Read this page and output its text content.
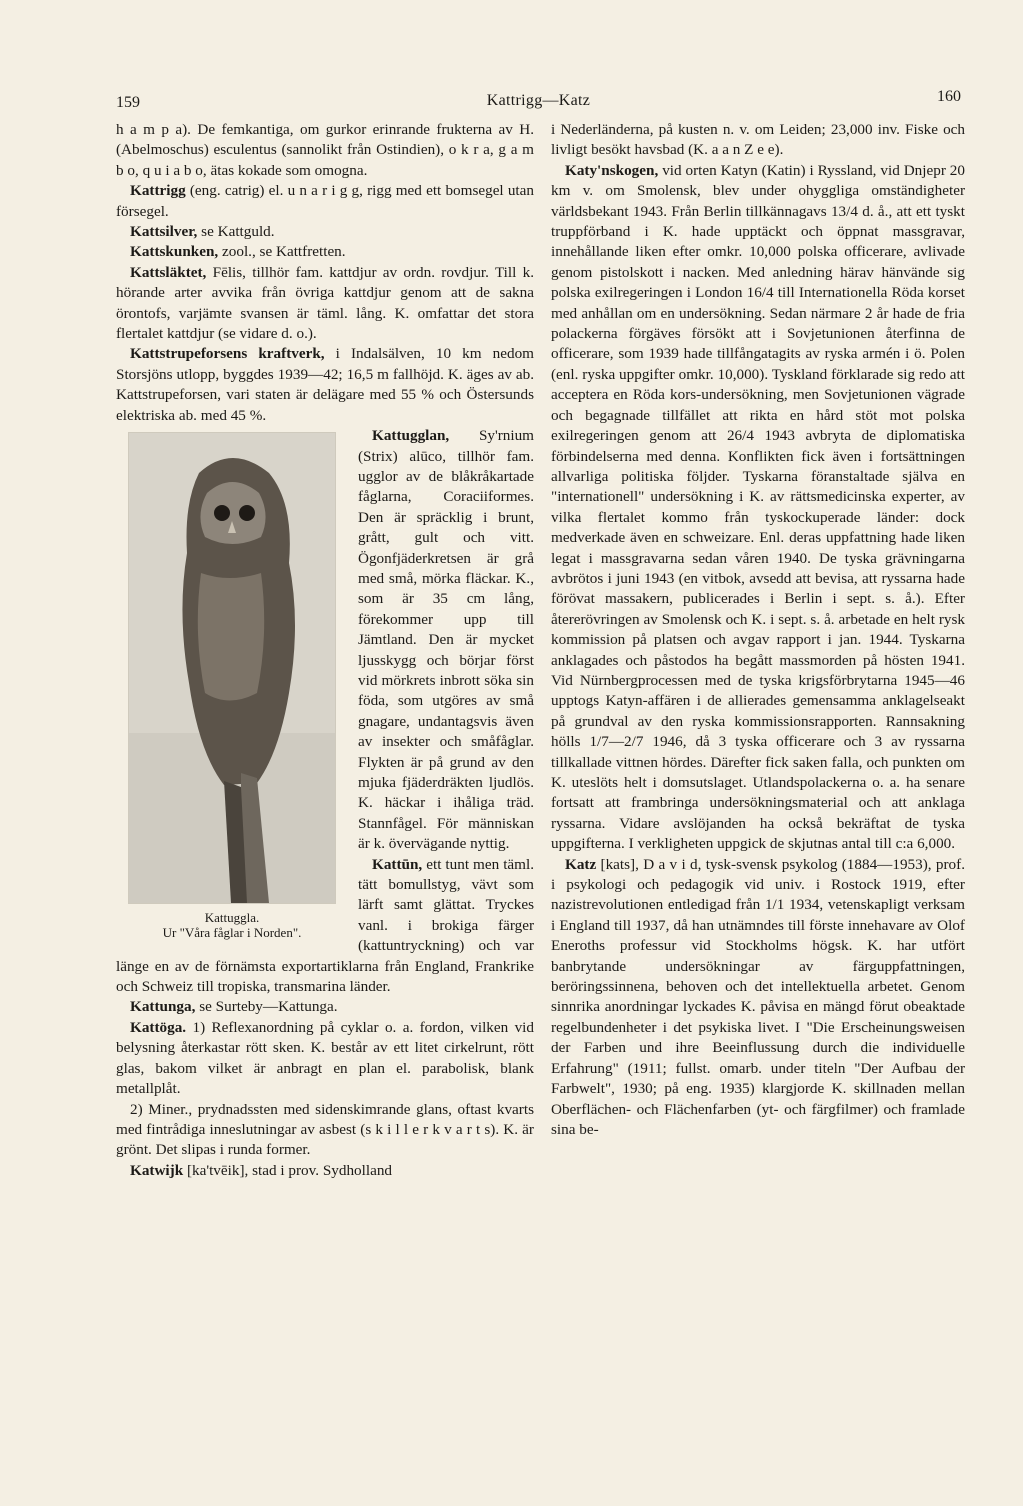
159	Kattrigg—Katz	160

h a m p a). De femkantiga, om gurkor erinrande frukterna av H. (Abelmoschus) esculentus (sannolikt från Ostindien), o k r a, g a m b o, q u i a b o, ätas kokade som omogna.

Kattrigg (eng. catrig) el. u n a r i g g, rigg med ett bomsegel utan försegel.

Kattsilver, se Kattguld.

Kattskunken, zool., se Kattfretten.

Kattsläktet, Fēlis, tillhör fam. kattdjur av ordn. rovdjur. Till k. hörande arter avvika från övriga kattdjur genom att de sakna örontofs, varjämte svansen är täml. lång. K. omfattar det stora flertalet kattdjur (se vidare d. o.).

Kattstrupeforsens kraftverk, i Indalsälven, 10 km nedom Storsjöns utlopp, byggdes 1939—42; 16,5 m fallhöjd. K. äges av ab. Kattstrupeforsen, vari staten är delägare med 55 % och Östersunds elektriska ab. med 45 %.

Kattuggla.
Ur "Våra fåglar i Norden".

Kattugglan, Sy'rnium (Strix) alūco, tillhör fam. ugglor av de blåkråkartade fåglarna, Coraciiformes. Den är spräcklig i brunt, grått, gult och vitt. Ögonfjäderkretsen är grå med små, mörka fläckar. K., som är 35 cm lång, förekommer upp till Jämtland. Den är mycket ljusskygg och börjar först vid mörkrets inbrott söka sin föda, som utgöres av små gnagare, undantagsvis även av insekter och småfåglar. Flykten är på grund av den mjuka fjäderdräkten ljudlös. K. häckar i ihåliga träd. Stannfågel. För människan är k. övervägande nyttig.

Kattūn, ett tunt men täml. tätt bomullstyg, vävt som lärft samt glättat. Tryckes vanl. i brokiga färger (kattuntryckning) och var länge en av de förnämsta exportartiklarna från England, Frankrike och Schweiz till tropiska, transmarina länder.

Kattunga, se Surteby—Kattunga.

Kattöga. 1) Reflexanordning på cyklar o. a. fordon, vilken vid belysning återkastar rött sken. K. består av ett litet cirkelrunt, rött glas, bakom vilket är anbragt en plan el. parabolisk, blank metallplåt.

2) Miner., prydnadssten med sidenskimrande glans, oftast kvarts med fintrådiga inneslutningar av asbest (s k i l l e r k v a r t s). K. är grönt. Det slipas i runda former.

Katwijk [ka'tvēik], stad i prov. Sydholland

i Nederländerna, på kusten n. v. om Leiden; 23,000 inv. Fiske och livligt besökt havsbad (K. a a n Z e e).

Katy'nskogen, vid orten Katyn (Katin) i Ryssland, vid Dnjepr 20 km v. om Smolensk, blev under ohyggliga omständigheter världsbekant 1943. Från Berlin tillkännagavs 13/4 d. å., att ett tyskt truppförband i K. hade upptäckt och öppnat massgravar, innehållande liken efter omkr. 10,000 polska officerare, avlivade genom pistolskott i nacken. Med anledning härav hänvände sig polska exilregeringen i London 16/4 till Internationella Röda korset med anhållan om en undersökning. Sedan närmare 2 år hade de fria polackerna förgäves försökt att i Sovjetunionen återfinna de officerare, som 1939 hade tillfångatagits av ryska armén i ö. Polen (enl. ryska uppgifter omkr. 10,000). Tyskland förklarade sig redo att acceptera en Röda kors-undersökning, men Sovjetunionen vägrade och begagnade tillfället att rikta en hård stöt mot polska exilregeringen genom att 26/4 1943 avbryta de diplomatiska förbindelserna med denna. Konflikten fick även i fortsättningen allvarliga politiska följder. Tyskarna föranstaltade själva en "internationell" undersökning i K. av rättsmedicinska experter, av vilka flertalet kommo från tyskockuperade länder: dock medverkade även en schweizare. Enl. deras uppfattning hade liken legat i massgravarna sedan våren 1940. De tyska grävningarna avbrötos i juni 1943 (en vitbok, avsedd att bevisa, att ryssarna hade förövat massakern, publicerades i Berlin i sept. s. å.). Efter återerövringen av Smolensk och K. i sept. s. å. arbetade en helt rysk kommission på platsen och avgav rapport i jan. 1944. Tyskarna anklagades och påstodos ha begått massmorden på hösten 1941. Vid Nürnbergprocessen med de tyska krigsförbrytarna 1945—46 upptogs Katyn-affären i de allierades gemensamma anklagelseakt på grundval av den ryska kommissionsrapporten. Rannsakning hölls 1/7—2/7 1946, då 3 tyska officerare och 3 av ryssarna tillkallade vittnen hördes. Därefter fick saken falla, och punkten om K. uteslöts helt i domsutslaget. Utlandspolackerna o. a. ha senare fortsatt att frambringa undersökningsmaterial och att anklaga ryssarna. Vidare avslöjanden ha också bekräftat de tyska uppgifterna. I verkligheten uppgick de skjutnas antal till c:a 6,000.

Katz [kats], D a v i d, tysk-svensk psykolog (1884—1953), prof. i psykologi och pedagogik vid univ. i Rostock 1919, efter nazistrevolutionen entledigad från 1/1 1934, vetenskapligt verksam i England till 1937, då han utnämndes till förste innehavare av Olof Eneroths professur vid Stockholms högsk. K. har utfört banbrytande undersökningar av färguppfattningen, beröringssinnena, behoven och det intellektuella arbetet. Genom sinnrika anordningar lyckades K. påvisa en mängd förut obeaktade regelbundenheter i det psykiska livet. I "Die Erscheinungsweisen der Farben und ihre Beeinflussung durch die individuelle Erfahrung" (1911; fullst. omarb. under titeln "Der Aufbau der Farbwelt", 1930; på eng. 1935) klargjorde K. skillnaden mellan Oberflächen- och Flächenfarben (yt- och färgfilmer) och framlade sina be-
